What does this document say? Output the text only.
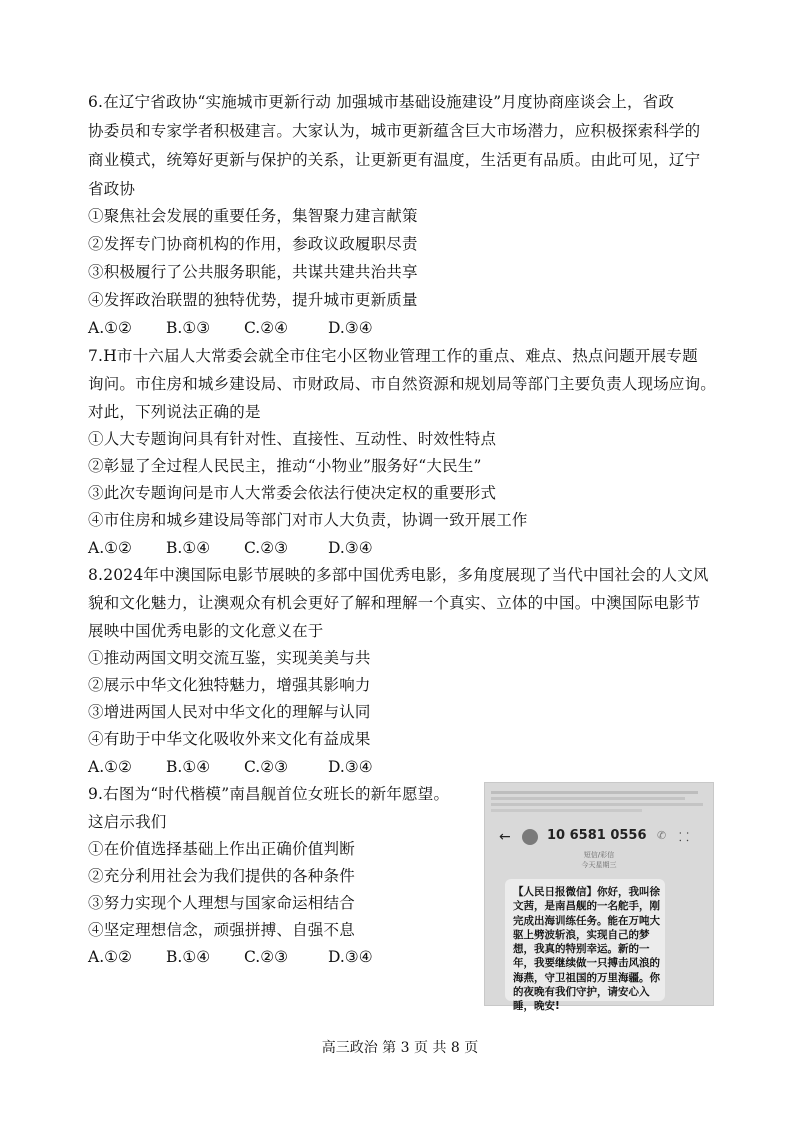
6.在辽宁省政协“实施城市更新行动 加强城市基础设施建设”月度协商座谈会上，省政
协委员和专家学者积极建言。大家认为，城市更新蕴含巨大市场潜力，应积极探索科学的
商业模式，统筹好更新与保护的关系，让更新更有温度，生活更有品质。由此可见，辽宁
省政协
①聚焦社会发展的重要任务，集智聚力建言献策
②发挥专门协商机构的作用，参政议政履职尽责
③积极履行了公共服务职能，共谋共建共治共享
④发挥政治联盟的独特优势，提升城市更新质量
A.①② B.①③ C.②④	D.③④
7.H市十六届人大常委会就全市住宅小区物业管理工作的重点、难点、热点问题开展专题
询问。市住房和城乡建设局、市财政局、市自然资源和规划局等部门主要负责人现场应询。
对此，下列说法正确的是
①人大专题询问具有针对性、直接性、互动性、时效性特点
②彰显了全过程人民民主，推动“小物业”服务好“大民生”
③此次专题询问是市人大常委会依法行使决定权的重要形式
④市住房和城乡建设局等部门对市人大负责，协调一致开展工作
A.①② B.①④ C.②③	D.③④
8.2024年中澳国际电影节展映的多部中国优秀电影，多角度展现了当代中国社会的人文风
貌和文化魅力，让澳观众有机会更好了解和理解一个真实、立体的中国。中澳国际电影节
展映中国优秀电影的文化意义在于
①推动两国文明交流互鉴，实现美美与共
②展示中华文化独特魅力，增强其影响力
③增进两国人民对中华文化的理解与认同
④有助于中华文化吸收外来文化有益成果
A.①② B.①④ C.②③	D.③④
9.右图为“时代楷模”南昌舰首位女班长的新年愿望。
这启示我们
①在价值选择基础上作出正确价值判断
②充分利用社会为我们提供的各种条件
③努力实现个人理想与国家命运相结合
④坚定理想信念，顽强拼搏、自强不息
A.①② B.①④ C.②③	D.③④
←	10 6581 0556 ✆ ⸬
短信/彩信
今天星期三
【人民日报微信】你好，我叫徐
文茜，是南昌舰的一名舵手，刚
完成出海训练任务。能在万吨大
驱上劈波斩浪，实现自己的梦
想，我真的特别幸运。新的一
年，我要继续做一只搏击风浪的
海燕，守卫祖国的万里海疆。你
的夜晚有我们守护，请安心入
睡，晚安!
高三政治 第 3 页 共 8 页
